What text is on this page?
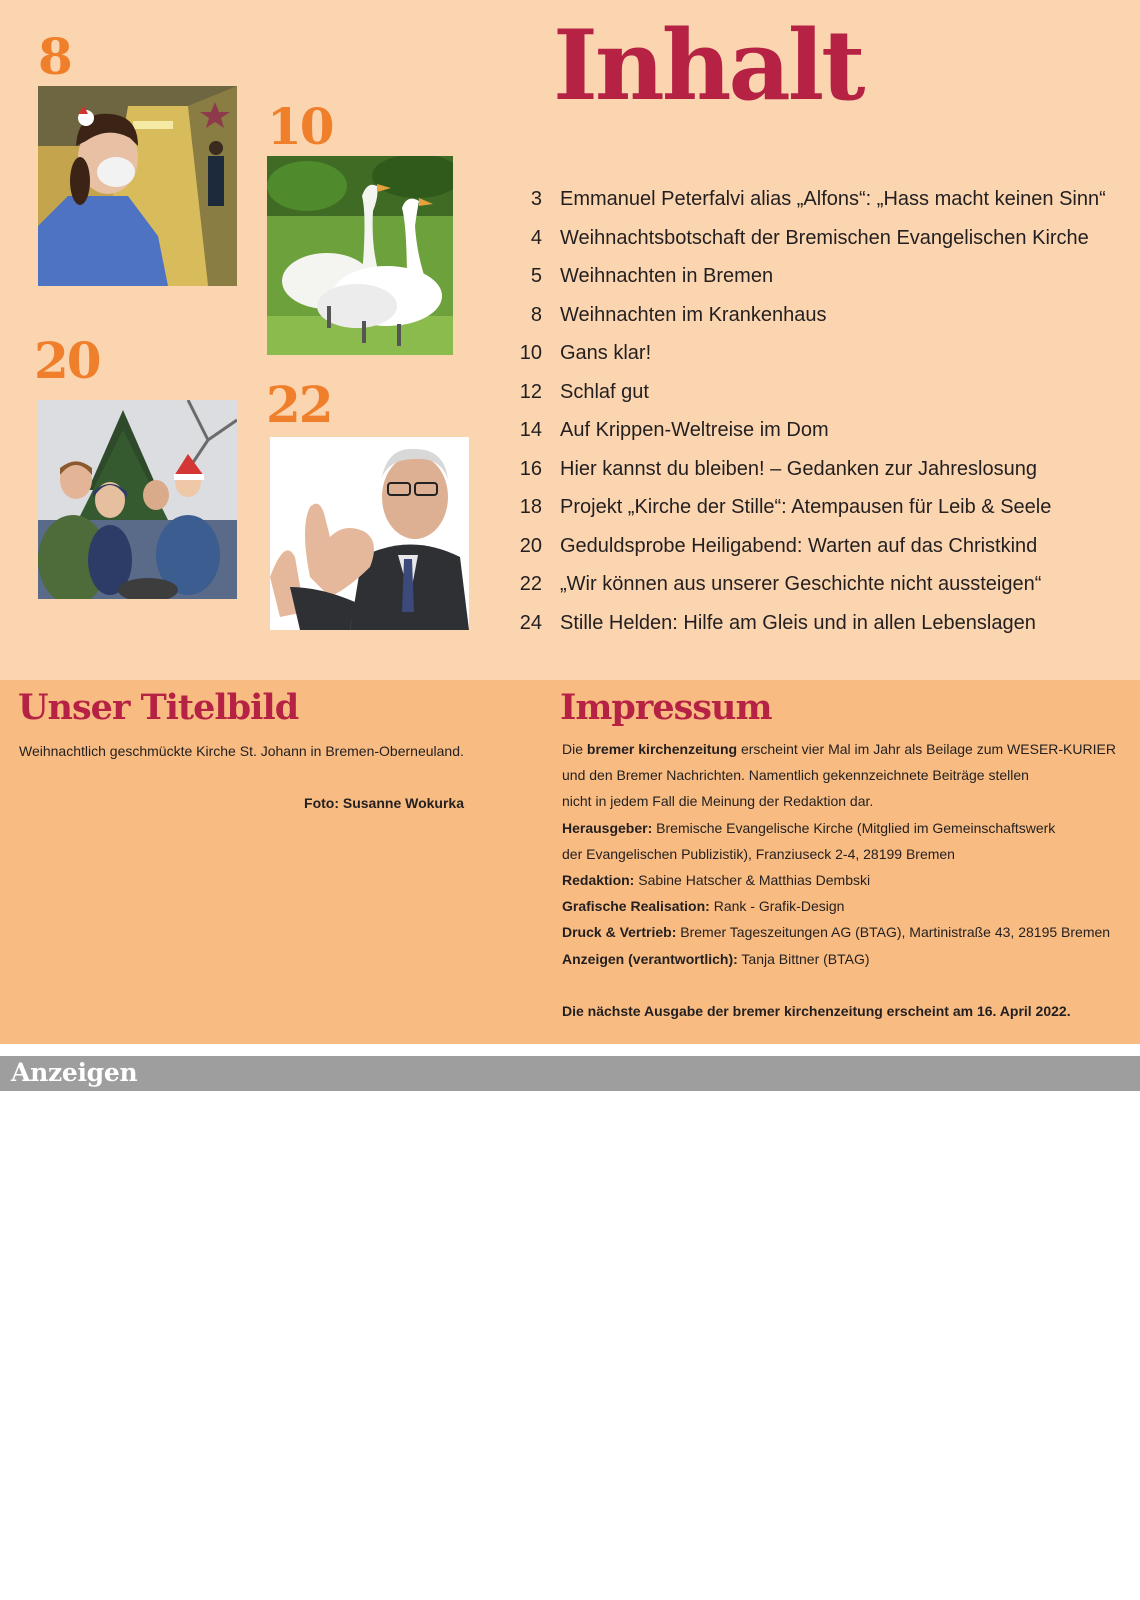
8
10
20
22
Inhalt
3 Emmanuel Peterfalvi alias „Alfons“: „Hass macht keinen Sinn“
4 Weihnachtsbotschaft der Bremischen Evangelischen Kirche
5 Weihnachten in Bremen
8 Weihnachten im Krankenhaus
10 Gans klar!
12 Schlaf gut
14 Auf Krippen-Weltreise im Dom
16 Hier kannst du bleiben! – Gedanken zur Jahreslosung
18 Projekt „Kirche der Stille“: Atempausen für Leib & Seele
20 Geduldsprobe Heiligabend: Warten auf das Christkind
22 „Wir können aus unserer Geschichte nicht aussteigen“
24 Stille Helden: Hilfe am Gleis und in allen Lebenslagen
Unser Titelbild
Weihnachtlich geschmückte Kirche St. Johann in Bremen-Oberneuland.
Foto: Susanne Wokurka
Impressum
Die bremer kirchenzeitung erscheint vier Mal im Jahr als Beilage zum WESER-KURIER
und den Bremer Nachrichten. Namentlich gekennzeichnete Beiträge stellen
nicht in jedem Fall die Meinung der Redaktion dar.
Herausgeber: Bremische Evangelische Kirche (Mitglied im Gemeinschaftswerk
der Evangelischen Publizistik), Franziuseck 2-4, 28199 Bremen
Redaktion: Sabine Hatscher & Matthias Dembski
Grafische Realisation: Rank - Grafik-Design
Druck & Vertrieb: Bremer Tageszeitungen AG (BTAG), Martinistraße 43, 28195 Bremen
Anzeigen (verantwortlich): Tanja Bittner (BTAG)
Die nächste Ausgabe der bremer kirchenzeitung erscheint am 16. April 2022.
Anzeigen
